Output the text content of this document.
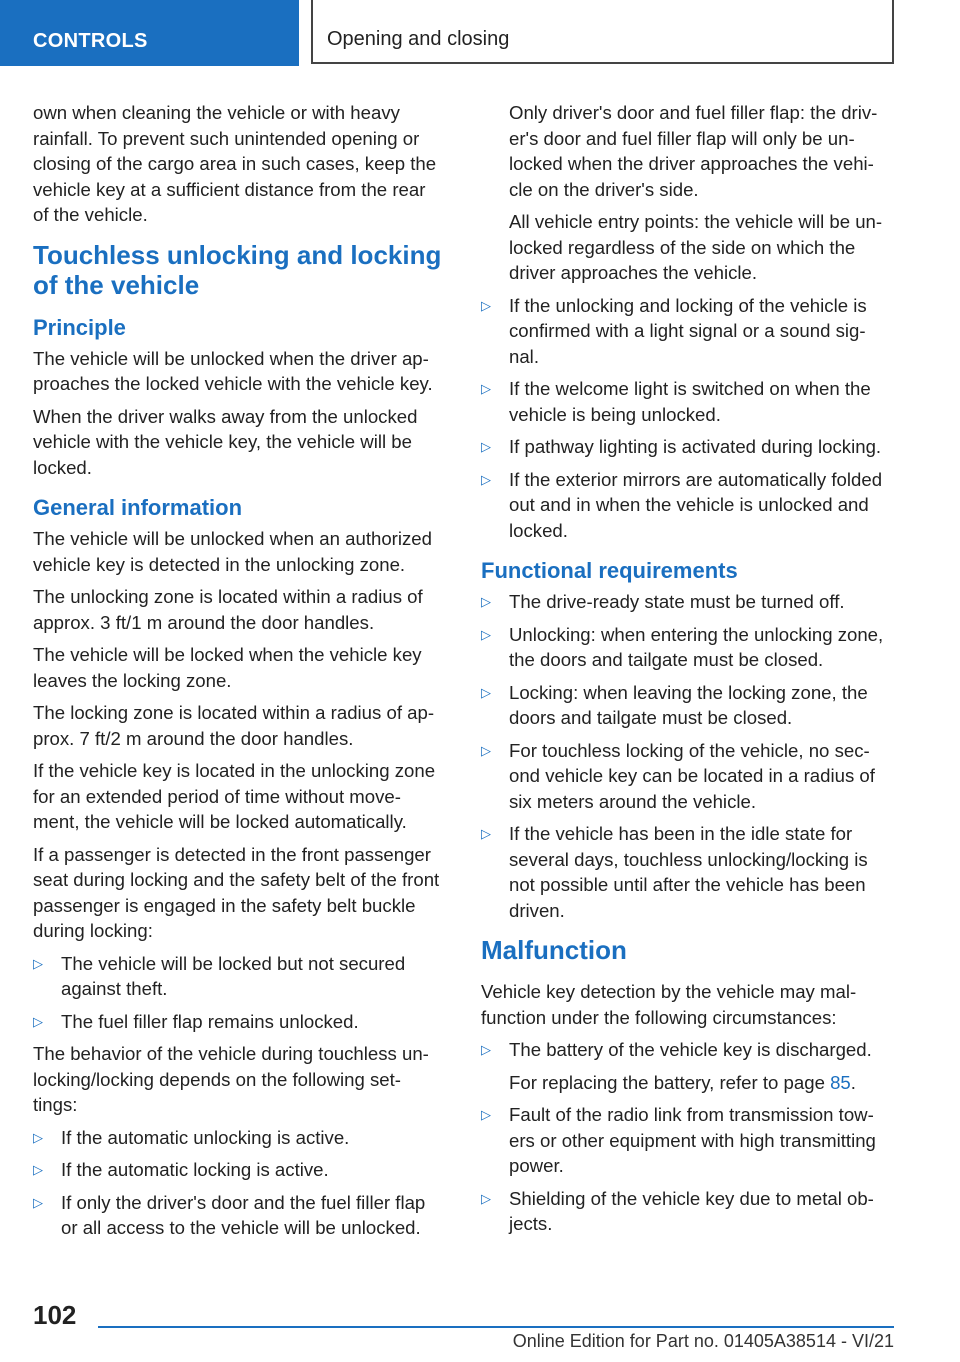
CONTROLS	Opening and closing

own when cleaning the vehicle or with heavy rainfall. To prevent such unintended opening or closing of the cargo area in such cases, keep the vehicle key at a sufficient distance from the rear of the vehicle.

Touchless unlocking and locking of the vehicle
Principle

The vehicle will be unlocked when the driver ap‐proaches the locked vehicle with the vehicle key.

When the driver walks away from the unlocked vehicle with the vehicle key, the vehicle will be locked.

General information

The vehicle will be unlocked when an authorized vehicle key is detected in the unlocking zone.

The unlocking zone is located within a radius of approx. 3 ft/1 m around the door handles.

The vehicle will be locked when the vehicle key leaves the locking zone.

The locking zone is located within a radius of ap‐prox. 7 ft/2 m around the door handles.

If the vehicle key is located in the unlocking zone for an extended period of time without move‐ment, the vehicle will be locked automatically.

If a passenger is detected in the front passenger seat during locking and the safety belt of the front passenger is engaged in the safety belt buckle during locking:

▷ The vehicle will be locked but not secured against theft.
▷ The fuel filler flap remains unlocked.

The behavior of the vehicle during touchless un‐locking/locking depends on the following set‐tings:

▷ If the automatic unlocking is active.
▷ If the automatic locking is active.
▷ If only the driver's door and the fuel filler flap or all access to the vehicle will be unlocked.

Only driver's door and fuel filler flap: the driv‐er's door and fuel filler flap will only be un‐locked when the driver approaches the vehi‐cle on the driver's side.

All vehicle entry points: the vehicle will be un‐locked regardless of the side on which the driver approaches the vehicle.

▷ If the unlocking and locking of the vehicle is confirmed with a light signal or a sound sig‐nal.
▷ If the welcome light is switched on when the vehicle is being unlocked.
▷ If pathway lighting is activated during locking.
▷ If the exterior mirrors are automatically folded out and in when the vehicle is unlocked and locked.
Functional requirements
▷ The drive-ready state must be turned off.
▷ Unlocking: when entering the unlocking zone, the doors and tailgate must be closed.
▷ Locking: when leaving the locking zone, the doors and tailgate must be closed.
▷ For touchless locking of the vehicle, no sec‐ond vehicle key can be located in a radius of six meters around the vehicle.
▷ If the vehicle has been in the idle state for several days, touchless unlocking/locking is not possible until after the vehicle has been driven.
Malfunction

Vehicle key detection by the vehicle may mal‐function under the following circumstances:

▷ The battery of the vehicle key is discharged.
For replacing the battery, refer to page 85.
▷ Fault of the radio link from transmission tow‐ers or other equipment with high transmitting power.
▷ Shielding of the vehicle key due to metal ob‐jects.
102
Online Edition for Part no. 01405A38514 - VI/21
